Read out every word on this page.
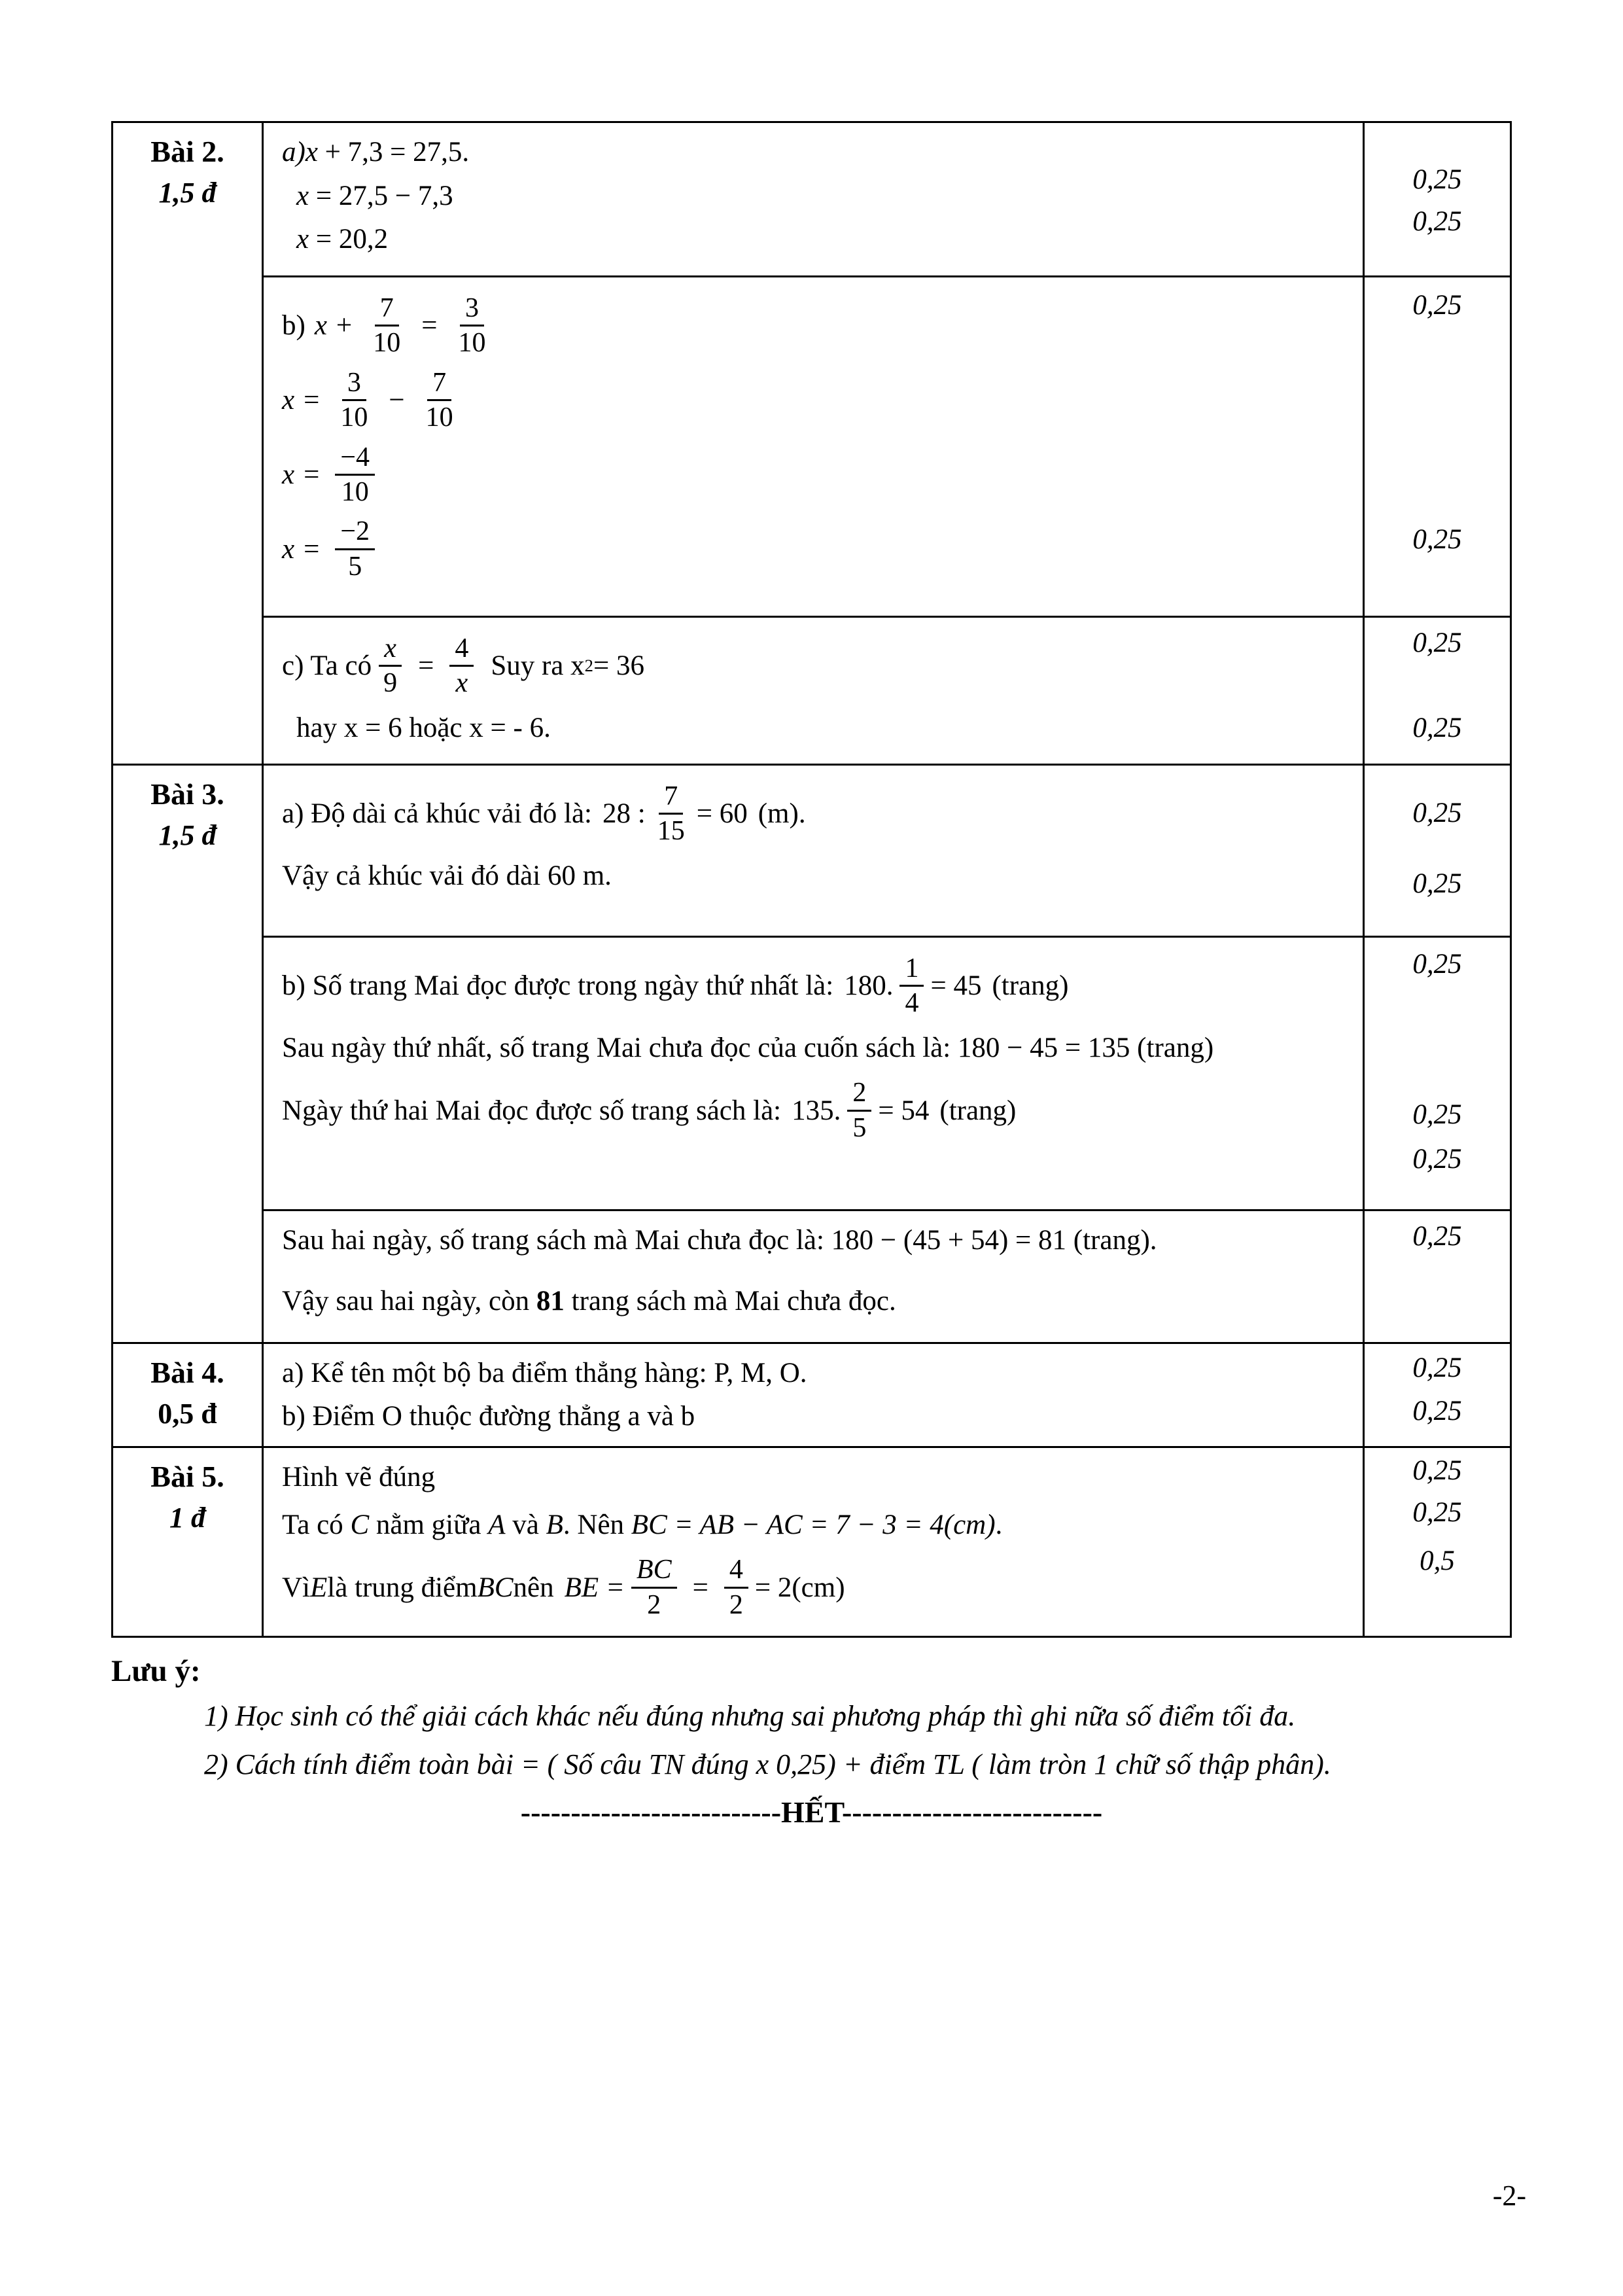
Bài 2.
1,5 đ
a)x + 7,3 = 27,5.
x = 27,5 − 7,3
x = 20,2
0,25
0,25
b) $x + \frac{7}{10} = \frac{3}{10}$
$x = \frac{3}{10} - \frac{7}{10}$
$x = \frac{-4}{10}$
$x = \frac{-2}{5}$
0,25
0,25
c) Ta có $\frac{x}{9} = \frac{4}{x}$ Suy ra x 2 = 36
hay x = 6 hoặc x = - 6.
0,25
0,25
Bài 3.
1,5 đ
a) Độ dài cả khúc vải đó là: 28 : $\frac{7}{15} = 60$ (m).
Vậy cả khúc vải đó dài 60 m.
0,25
0,25
b) Số trang Mai đọc được trong ngày thứ nhất là: 180. $\frac{1}{4} = 45$ (trang)
Sau ngày thứ nhất, số trang Mai chưa đọc của cuốn sách là: 180 − 45 = 135 (trang)
Ngày thứ hai Mai đọc được số trang sách là: 135. $\frac{2}{5} = 54$ (trang)
0,25
0,25
0,25
Sau hai ngày, số trang sách mà Mai chưa đọc là: 180 − (45 + 54) = 81 (trang).
Vậy sau hai ngày, còn 81 trang sách mà Mai chưa đọc.
0,25
Bài 4.
0,5 đ
a) Kể tên một bộ ba điểm thẳng hàng: P, M, O.
b) Điểm O thuộc đường thẳng a và b
0,25
0,25
Bài 5.
1 đ
Hình vẽ đúng
Ta có C nằm giữa A và B. Nên BC = AB − AC = 7 − 3 = 4(cm).
Vì E là trung điểm BC nên BE = $\frac{BC}{2} = \frac{4}{2} = 2(cm)$
0,25
0,25
0,5
Lưu ý:
1) Học sinh có thể giải cách khác nếu đúng nhưng sai phương pháp thì ghi nữa số điểm tối đa.
2) Cách tính điểm toàn bài = ( Số câu TN đúng x 0,25) + điểm TL ( làm tròn 1 chữ số thập phân).
--------------------------HẾT--------------------------
-2-
